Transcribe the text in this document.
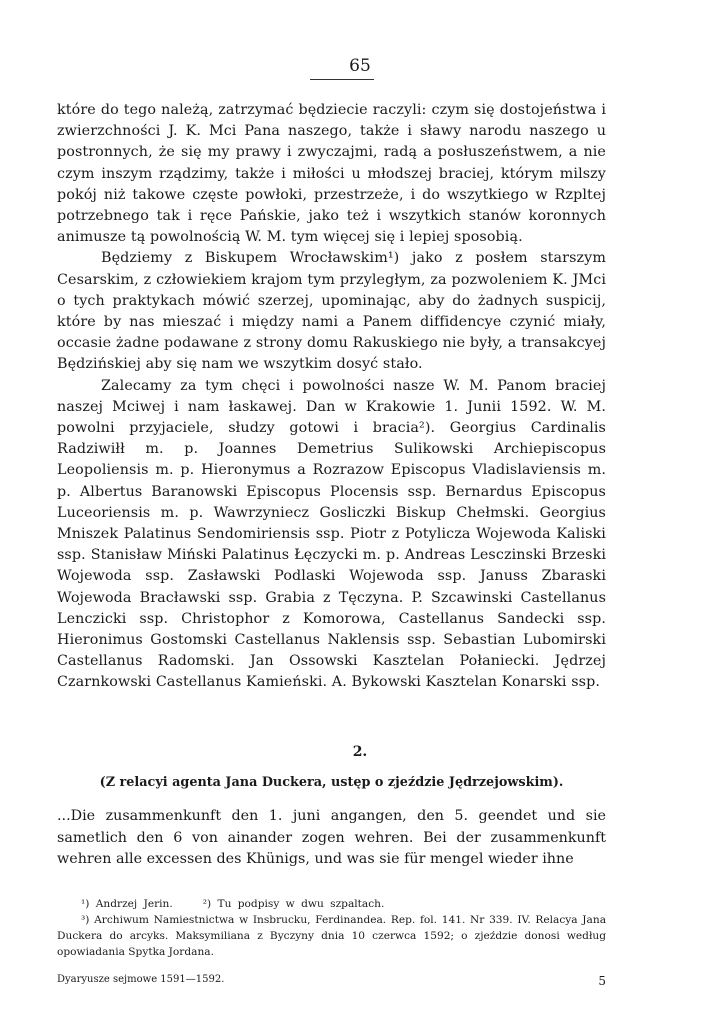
65

które do tego należą, zatrzymać będziecie raczyli: czym się dostojeństwa i zwierzchności J. K. Mci Pana naszego, także i sławy narodu naszego u postronnych, że się my prawy i zwyczajmi, radą a posłuszeństwem, a nie czym inszym rządzimy, także i miłości u młodszej braciej, którym milszy pokój niż takowe częste powłoki, przestrzeże, i do wszytkiego w Rzpltej potrzebnego tak i ręce Pańskie, jako też i wszytkich stanów koronnych animusze tą powolnością W. M. tym więcej się i lepiej sposobią.

Będziemy z Biskupem Wrocławskim¹) jako z posłem starszym Cesarskim, z człowiekiem krajom tym przyległym, za pozwoleniem K. JMci o tych praktykach mówić szerzej, upominając, aby do żadnych suspicij, które by nas mieszać i między nami a Panem diffidencye czynić miały, occasie żadne podawane z strony domu Rakuskiego nie były, a transakcyej Będzińskiej aby się nam we wszytkim dosyć stało.

Zalecamy za tym chęci i powolności nasze W. M. Panom braciej naszej Mciwej i nam łaskawej. Dan w Krakowie 1. Junii 1592. W. M. powolni przyjaciele, słudzy gotowi i bracia²). Georgius Cardinalis Radziwiłł m. p. Joannes Demetrius Sulikowski Archiepiscopus Leopoliensis m. p. Hieronymus a Rozrazow Episcopus Vladislaviensis m. p. Albertus Baranowski Episcopus Plocensis ssp. Bernardus Episcopus Luceoriensis m. p. Wawrzyniecz Gosliczki Biskup Chełmski. Georgius Mniszek Palatinus Sendomiriensis ssp. Piotr z Potylicza Wojewoda Kaliski ssp. Stanisław Miński Palatinus Łęczycki m. p. Andreas Lesczinski Brzeski Wojewoda ssp. Zasławski Podlaski Wojewoda ssp. Januss Zbaraski Wojewoda Bracławski ssp. Grabia z Tęczyna. P. Szcawinski Castellanus Lenczicki ssp. Christophor z Komorowa, Castellanus Sandecki ssp. Hieronimus Gostomski Castellanus Naklensis ssp. Sebastian Lubomirski Castellanus Radomski. Jan Ossowski Kasztelan Połaniecki. Jędrzej Czarnkowski Castellanus Kamieński. A. Bykowski Kasztelan Konarski ssp.

2.

(Z relacyi agenta Jana Duckera, ustęp o zjeździe Jędrzejowskim).

...Die zusammenkunft den 1. juni angangen, den 5. geendet und sie sametlich den 6 von ainander zogen wehren. Bei der zusammenkunft wehren alle excessen des Khünigs, und was sie für mengel wieder ihne

¹) Andrzej Jerin.	²) Tu podpisy w dwu szpaltach.

³) Archiwum Namiestnictwa w Insbrucku, Ferdinandea. Rep. fol. 141. Nr 339. IV. Relacya Jana Duckera do arcyks. Maksymiliana z Byczyny dnia 10 czerwca 1592; o zjeździe donosi według opowiadania Spytka Jordana.

Dyaryusze sejmowe 1591—1592.	5
